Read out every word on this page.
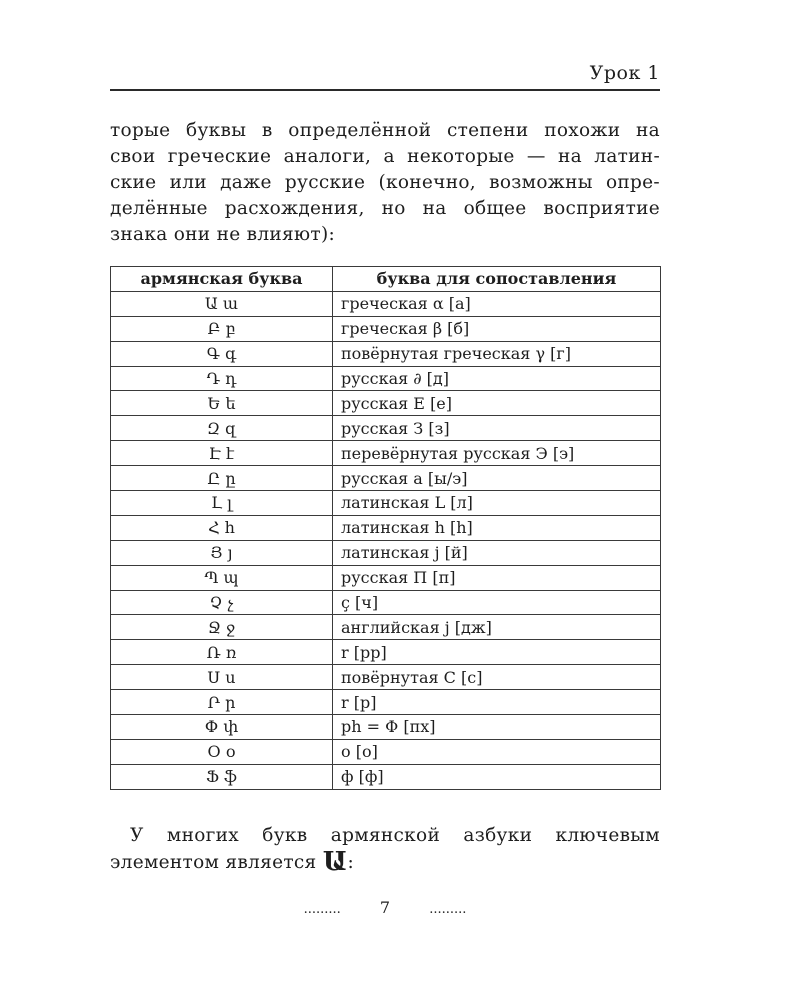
Урок 1
торые буквы в определённой степени похожи на
свои греческие аналоги, а некоторые — на латин-
ские или даже русские (конечно, возможны опре-
делённые расхождения, но на общее восприятие
знака они не влияют):
армянская буква	буква для сопоставления
Ա ա	греческая α [а]
Բ բ	греческая β [б]
Գ գ	повёрнутая греческая γ [г]
Դ դ	русская ∂ [д]
Ե ե	русская Е [е]
Զ զ	русская З [з]
Է է	перевёрнутая русская Э [э]
Ը ը	русская а [ы/э]
Լ լ	латинская L [л]
Հ հ	латинская h [h]
Յ յ	латинская j [й]
Պ պ	русская П [п]
Չ չ	ç [ч]
Ջ ջ	английская j [дж]
Ռ ռ	r [рр]
Ս ս	повёрнутая С [с]
Ր ր	r [р]
Փ փ	ph = Φ [пх]
Օ օ	о [о]
Ֆ ֆ	ф [ф]
У многих букв армянской азбуки ключевым
элементом является Ա:
......... 7	.........
